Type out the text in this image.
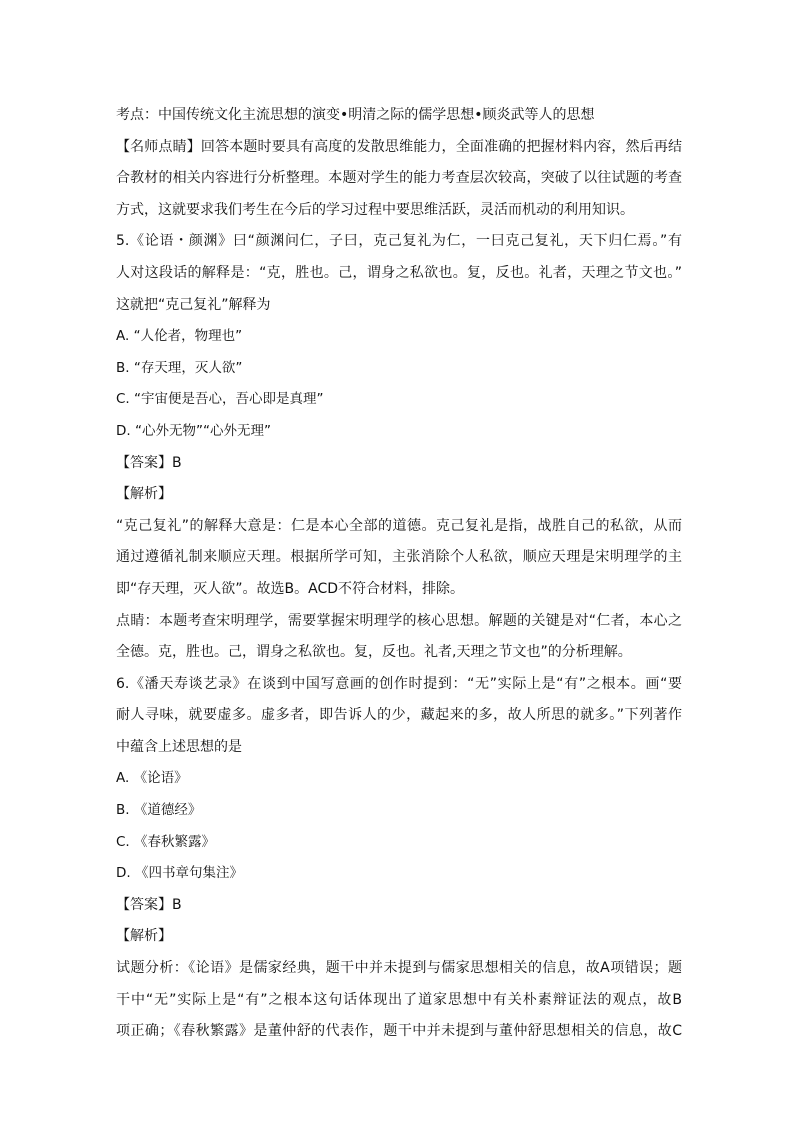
考点：中国传统文化主流思想的演变•明清之际的儒学思想•顾炎武等人的思想
【名师点睛】回答本题时要具有高度的发散思维能力，全面准确的把握材料内容，然后再结
合教材的相关内容进行分析整理。本题对学生的能力考查层次较高，突破了以往试题的考查
方式，这就要求我们考生在今后的学习过程中要思维活跃，灵活而机动的利用知识。
5.《论语・颜渊》曰“颜渊问仁，子曰，克己复礼为仁，一曰克己复礼，天下归仁焉。”有
人对这段话的解释是：“克，胜也。己，谓身之私欲也。复，反也。礼者，天理之节文也。”
这就把“克己复礼”解释为
A. “人伦者，物理也”
B. “存天理，灭人欲”
C. “宇宙便是吾心，吾心即是真理”
D. “心外无物”“心外无理”
【答案】B
【解析】
“克己复礼”的解释大意是：仁是本心全部的道德。克己复礼是指，战胜自己的私欲，从而
通过遵循礼制来顺应天理。根据所学可知，主张消除个人私欲，顺应天理是宋明理学的主
即“存天理，灭人欲”。故选B。ACD不符合材料，排除。
点睛：本题考查宋明理学，需要掌握宋明理学的核心思想。解题的关键是对“仁者，本心之
全德。克，胜也。己，谓身之私欲也。复，反也。礼者,天理之节文也”的分析理解。
6.《潘天寿谈艺录》在谈到中国写意画的创作时提到：“无”实际上是“有”之根本。画“要
耐人寻味，就要虚多。虚多者，即告诉人的少，藏起来的多，故人所思的就多。”下列著作
中蕴含上述思想的是
A. 《论语》
B. 《道德经》
C. 《春秋繁露》
D. 《四书章句集注》
【答案】B
【解析】
试题分析：《论语》是儒家经典，题干中并未提到与儒家思想相关的信息，故A项错误；题
干中“无”实际上是“有”之根本这句话体现出了道家思想中有关朴素辩证法的观点，故B
项正确；《春秋繁露》是董仲舒的代表作，题干中并未提到与董仲舒思想相关的信息，故C
